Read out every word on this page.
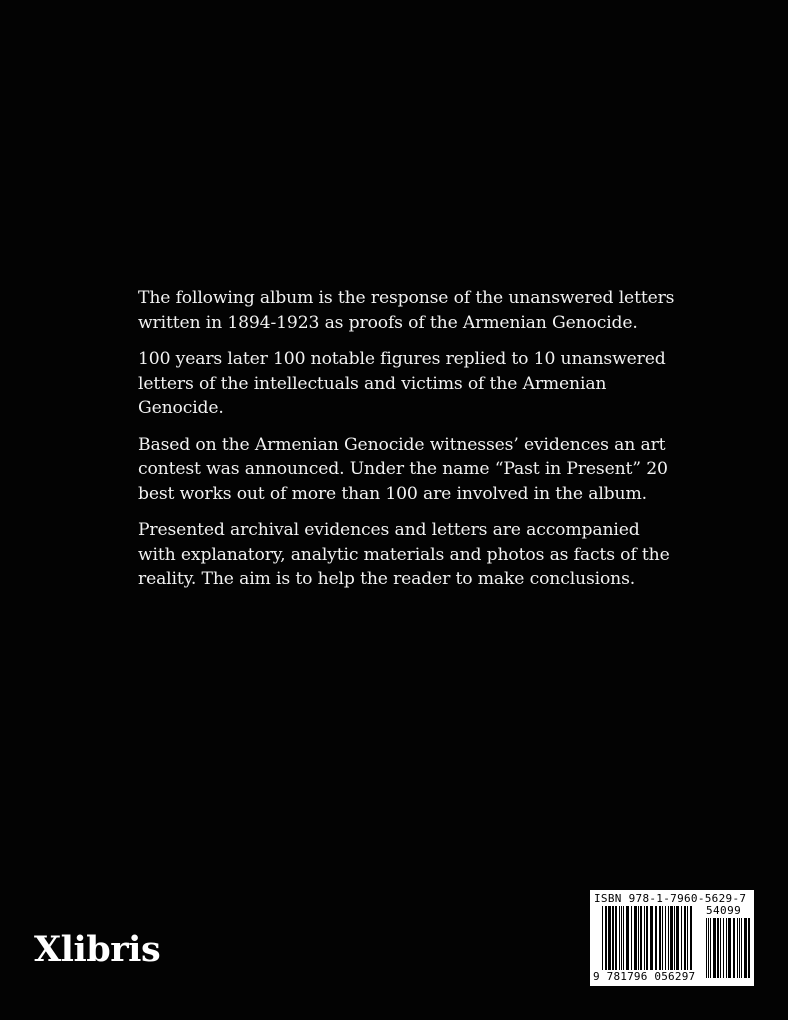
The following album is the response of the unanswered letters written in 1894-1923 as proofs of the Armenian Genocide.

100 years later 100 notable figures replied to 10 unanswered letters of the intellectuals and victims of the Armenian Genocide.

Based on the Armenian Genocide witnesses’ evidences an art contest was announced. Under the name “Past in Present” 20 best works out of more than 100 are involved in the album.

Presented archival evidences and letters are accompanied with explanatory, analytic materials and photos as facts of the reality. The aim is to help the reader to make conclusions.

Xlibris
ISBN 978-1-7960-5629-7
54099
9 781796 056297
